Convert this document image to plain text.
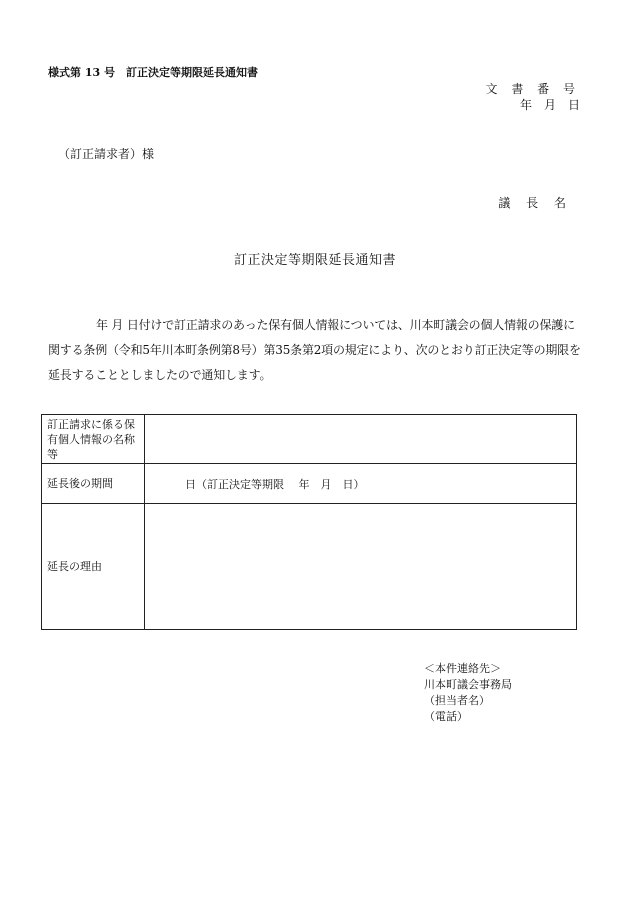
様式第 13 号　訂正決定等期限延長通知書
文 書 番 号
年　月　日
（訂正請求者）様
議 長 名
訂正決定等期限延長通知書
年 月 日付けで訂正請求のあった保有個人情報については、川本町議会の個人情報の保護に関する条例（令和5年川本町条例第8号）第35条第2項の規定により、次のとおり訂正決定等の期限を延長することとしましたので通知します。
訂正請求に係る保有個人情報の名称等	
延長後の期間	日（訂正決定等期限　 年　月　日）
延長の理由	
＜本件連絡先＞
川本町議会事務局
（担当者名）
（電話）
